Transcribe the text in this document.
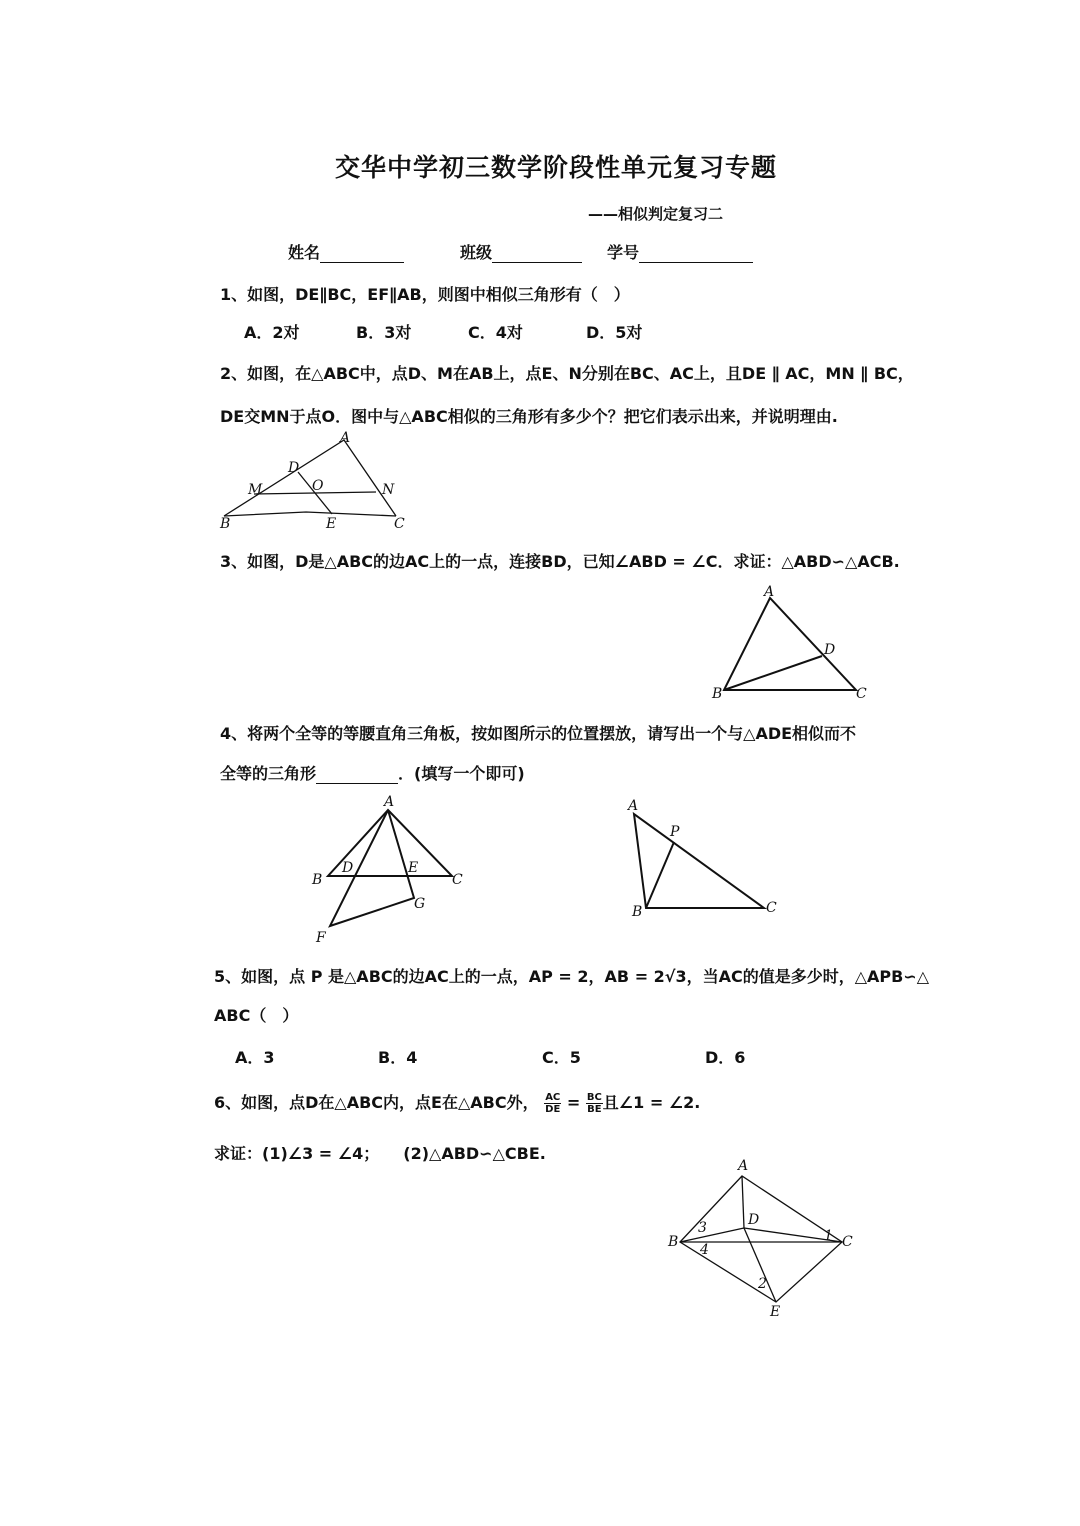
交华中学初三数学阶段性单元复习专题
——相似判定复习二
姓名	班级	学号
1、如图，DE∥BC，EF∥AB，则图中相似三角形有（　）
A．2对	B．3对	C．4对	D．5对
2、如图，在△ABC中，点D、M在AB上，点E、N分别在BC、AC上，且DE ∥ AC，MN ∥ BC，
DE交MN于点O．图中与△ABC相似的三角形有多少个？把它们表示出来，并说明理由.
A
D
M	O	N
B	E	C
3、如图，D是△ABC的边AC上的一点，连接BD，已知∠ABD = ∠C．求证：△ABD∽△ACB.
A
D
B	C
4、将两个全等的等腰直角三角板，按如图所示的位置摆放，请写出一个与△ADE相似而不
全等的三角形	．(填写一个即可)
A
B
D	E
C
G
F
A
P
B	C
5、如图，点 P 是△ABC的边AC上的一点，AP = 2，AB = 2√3，当AC的值是多少时，△APB∽△
ABC（　）
A．3	B．4	C．5	D．6
6、如图，点D在△ABC内，点E在△ABC外， $\frac{AC}{DE} = \frac{BC}{BE}$ 且∠1 = ∠2.
求证：(1)∠3 = ∠4；　　(2)△ABD∽△CBE.
A
D
B	C
E
1
2
3
4
